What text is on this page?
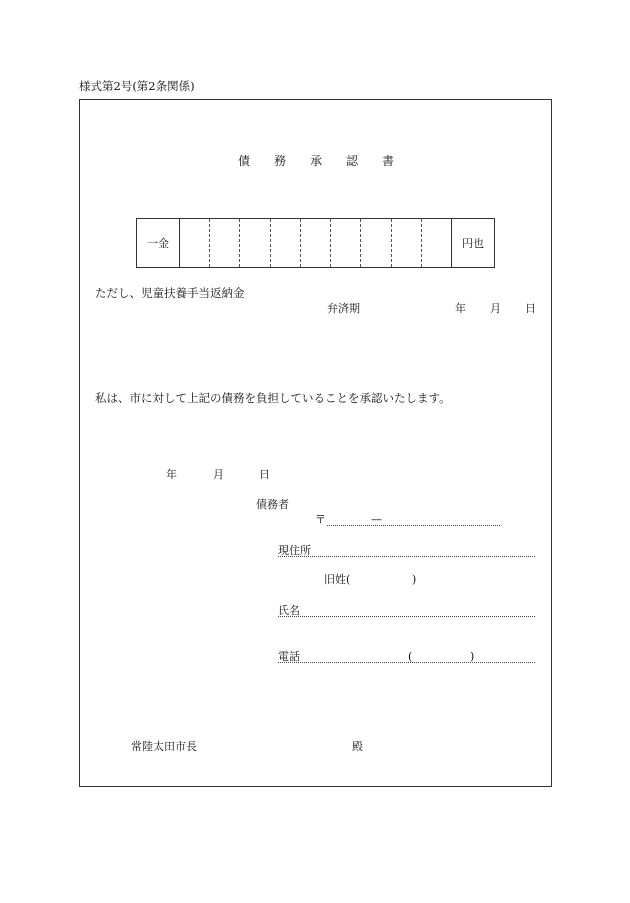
様式第2号(第2条関係)
債　務　承　認　書
一金	円也
ただし、児童扶養手当返納金
弁済期	年 月 日
私は、市に対して上記の債務を負担していることを承認いたします。
年	月	日
債務者
〒	—
現住所
旧姓(	)
氏名
電話	(	)
常陸太田市長	殿
